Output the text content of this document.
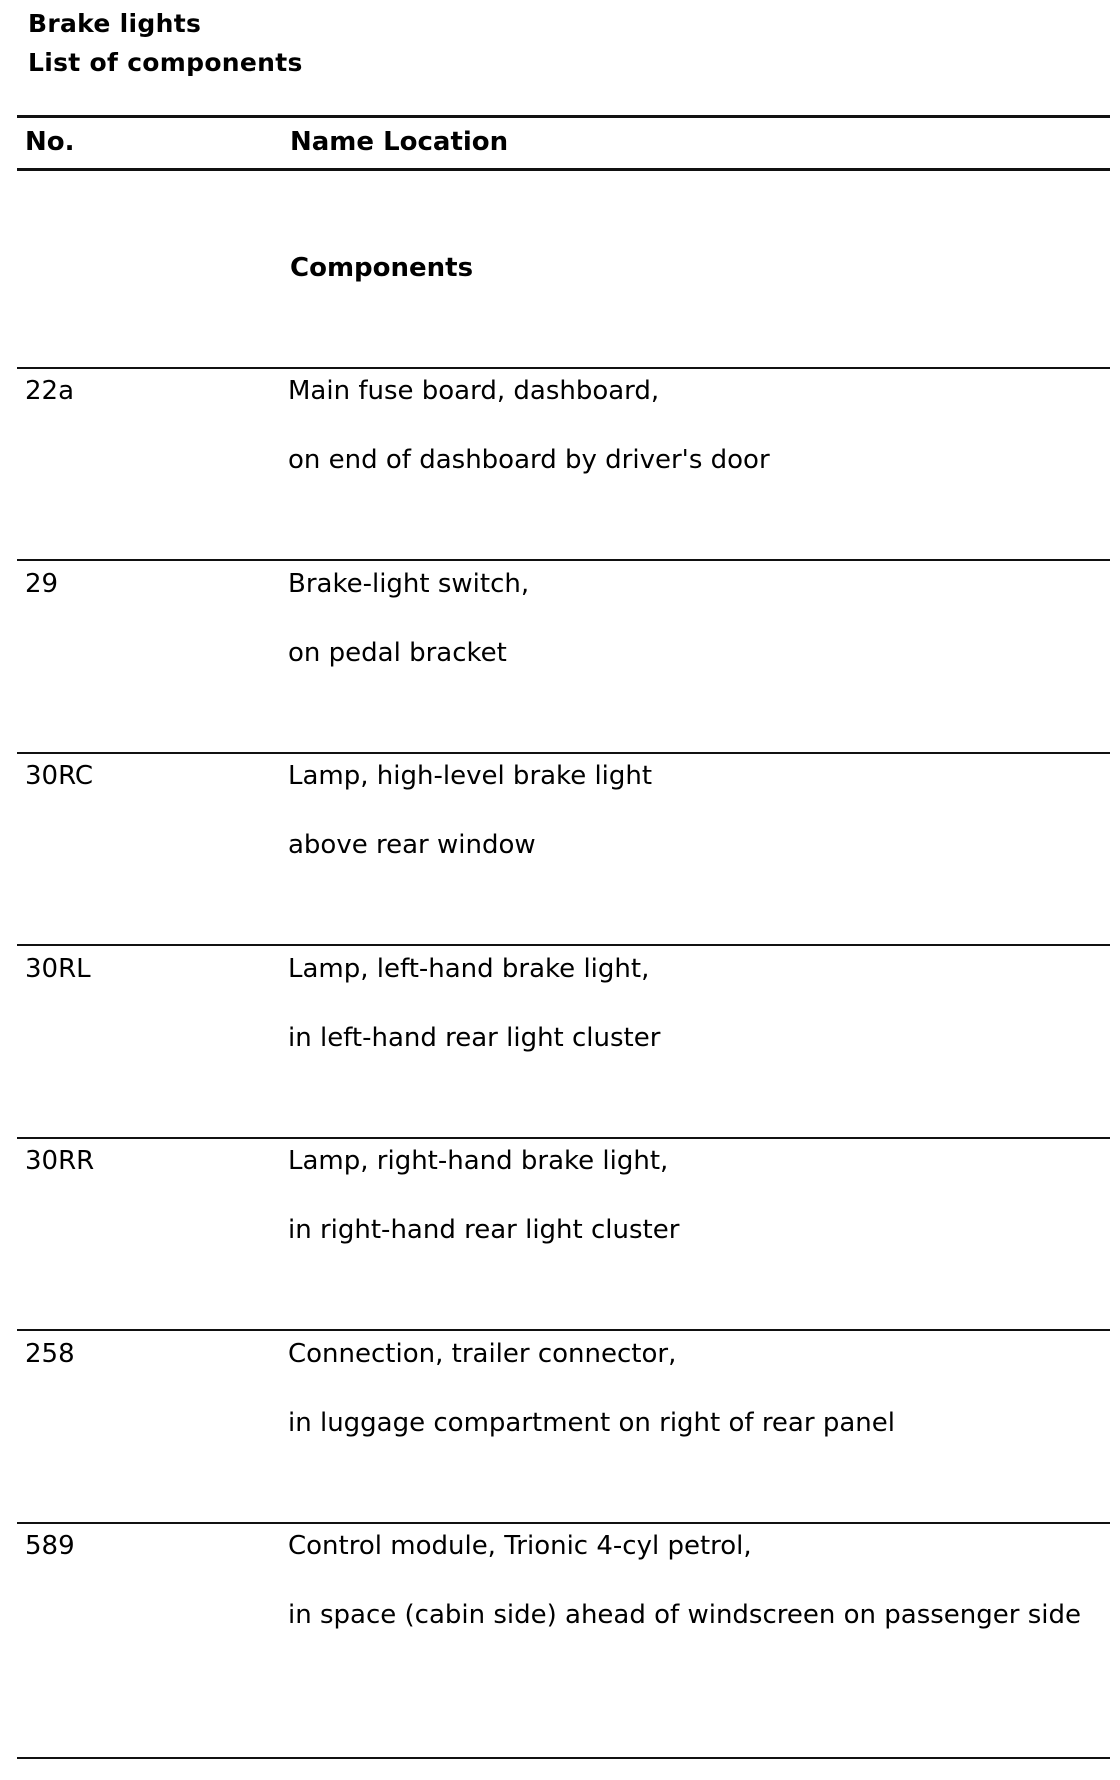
Brake lights
List of components
No.	Name Location
Components
22a	Main fuse board, dashboard,
on end of dashboard by driver's door
29	Brake-light switch,
on pedal bracket
30RC	Lamp, high-level brake light
above rear window
30RL	Lamp, left-hand brake light,
in left-hand rear light cluster
30RR	Lamp, right-hand brake light,
in right-hand rear light cluster
258	Connection, trailer connector,
in luggage compartment on right of rear panel
589	Control module, Trionic 4-cyl petrol,
in space (cabin side) ahead of windscreen on passenger side
